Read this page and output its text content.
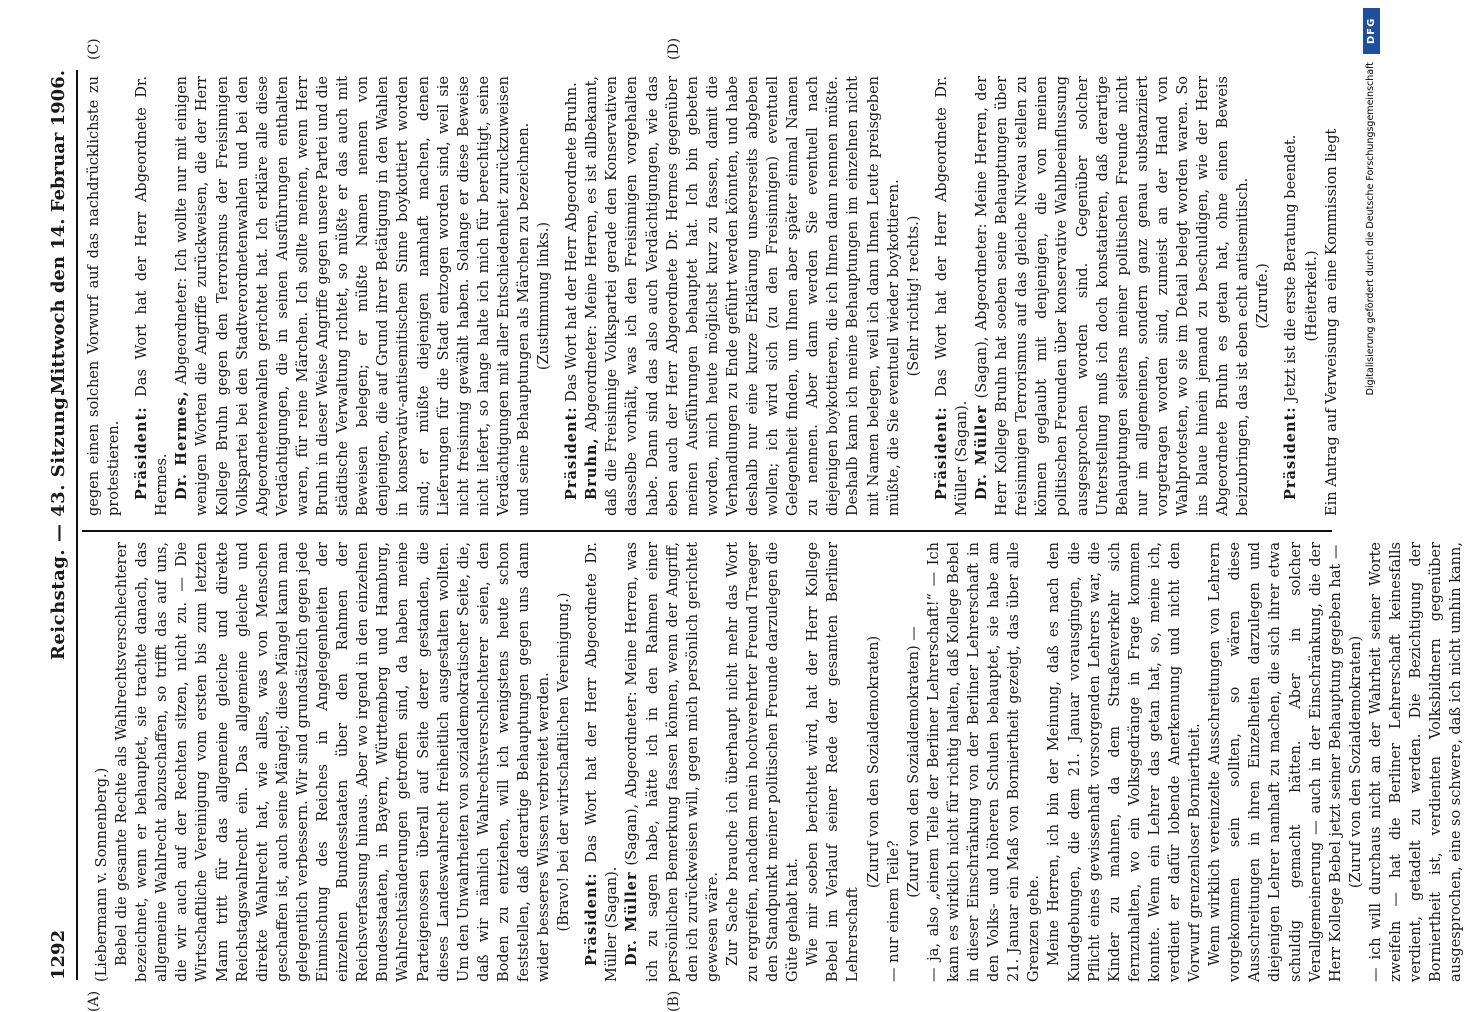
1292
Reichstag. — 43. Sitzung.
Mittwoch den 14. Februar 1906.
(A)	(B)
(C)	(D)

(Liebermann v. Sonnenberg.) Bebel die gesamte Rechte als Wahlrechtsverschlechterer bezeichnet, wenn er behauptet, sie trachte danach, das allgemeine Wahlrecht abzuschaffen, so trifft das auf uns, die wir auch auf der Rechten sitzen, nicht zu. — Die Wirtschaftliche Vereinigung vom ersten bis zum letzten Mann tritt für das allgemeine gleiche und direkte Reichstagswahlrecht ein. Das allgemeine gleiche und direkte Wahlrecht hat, wie alles, was von Menschen geschaffen ist, auch seine Mängel; diese Mängel kann man gelegentlich verbessern. Wir sind grundsätzlich gegen jede Einmischung des Reiches in Angelegenheiten der einzelnen Bundesstaaten über den Rahmen der Reichsverfassung hinaus. Aber wo irgend in den einzelnen Bundesstaaten, in Bayern, Württemberg und Hamburg, Wahlrechtsänderungen getroffen sind, da haben meine Parteigenossen überall auf Seite derer gestanden, die dieses Landeswahlrecht freiheitlich ausgestalten wollten. Um den Unwahrheiten von sozialdemokratischer Seite, die, daß wir nämlich Wahlrechtsverschlechterer seien, den Boden zu entziehen, will ich wenigstens heute schon feststellen, daß derartige Behauptungen gegen uns dann wider besseres Wissen verbreitet werden. (Bravo! bei der wirtschaftlichen Vereinigung.) Präsident: Das Wort hat der Herr Abgeordnete Dr. Müller (Sagan). Dr. Müller (Sagan), Abgeordneter: Meine Herren, was ich zu sagen habe, hätte ich in den Rahmen einer persönlichen Bemerkung fassen können, wenn der Angriff, den ich zurückweisen will, gegen mich persönlich gerichtet gewesen wäre. Zur Sache brauche ich überhaupt nicht mehr das Wort zu ergreifen, nachdem mein hochverehrter Freund Traeger den Standpunkt meiner politischen Freunde darzulegen die Güte gehabt hat. Wie mir soeben berichtet wird, hat der Herr Kollege Bebel im Verlauf seiner Rede der gesamten Berliner Lehrerschaft

(Zuruf von den Sozialdemokraten)

— nur einem Teile?

(Zuruf von den Sozialdemokraten) — — ja, also „einem Teile der Berliner Lehrerschaft!“ — Ich kann es wirklich nicht für richtig halten, daß Kollege Bebel in dieser Einschränkung von der Berliner Lehrerschaft in den Volks- und höheren Schulen behauptet, sie habe am 21. Januar ein Maß von Borniertheit gezeigt, das über alle Grenzen gehe. Meine Herren, ich bin der Meinung, daß es nach den Kundgebungen, die dem 21. Januar vorausgingen, die Pflicht eines gewissenhaft vorsorgenden Lehrers war, die Kinder zu mahnen, da dem Straßenverkehr sich fernzuhalten, wo ein Volksgedränge in Frage kommen konnte. Wenn ein Lehrer das getan hat, so, meine ich, verdient er dafür lobende Anerkennung und nicht den Vorwurf grenzenloser Borniertheit. Wenn wirklich vereinzelte Ausschreitungen von Lehrern vorgekommen sein sollten, so wären diese Ausschreitungen in ihren Einzelheiten darzulegen und diejenigen Lehrer namhaft zu machen, die sich ihrer etwa schuldig gemacht hätten. Aber in solcher Verallgemeinerung — auch in der Einschränkung, die der Herr Kollege Bebel jetzt seiner Behauptung gegeben hat — (Zuruf von den Sozialdemokraten) — ich will durchaus nicht an der Wahrheit seiner Worte zweifeln — hat die Berliner Lehrerschaft keinesfalls verdient, getadelt zu werden. Die Bezichtigung der Borniertheit ist, verdienten Volksbildnern gegenüber ausgesprochen, eine so schwere, daß ich nicht umhin kann,

gegen einen solchen Vorwurf auf das nachdrücklichste zu protestieren. Präsident: Das Wort hat der Herr Abgeordnete Dr. Hermes. Dr. Hermes, Abgeordneter: Ich wollte nur mit einigen wenigen Worten die Angriffe zurückweisen, die der Herr Kollege Bruhn gegen den Terrorismus der Freisinnigen Volkspartei bei den Stadtverordnetenwahlen und bei den Abgeordnetenwahlen gerichtet hat. Ich erkläre alle diese Verdächtigungen, die in seinen Ausführungen enthalten waren, für reine Märchen. Ich sollte meinen, wenn Herr Bruhn in dieser Weise Angriffe gegen unsere Partei und die städtische Verwaltung richtet, so müßte er das auch mit Beweisen belegen; er müßte Namen nennen von denjenigen, die auf Grund ihrer Betätigung in den Wahlen in konservativ-antisemitischem Sinne boykottiert worden sind; er müßte diejenigen namhaft machen, denen Lieferungen für die Stadt entzogen worden sind, weil sie nicht freisinnig gewählt haben. Solange er diese Beweise nicht liefert, so lange halte ich mich für berechtigt, seine Verdächtigungen mit aller Entschiedenheit zurückzuweisen und seine Behauptungen als Märchen zu bezeichnen. (Zustimmung links.)

Präsident: Das Wort hat der Herr Abgeordnete Bruhn.

Bruhn, Abgeordneter: Meine Herren, es ist allbekannt, daß die Freisinnige Volkspartei gerade den Konservativen dasselbe vorhält, was ich den Freisinnigen vorgehalten habe. Dann sind das also auch Verdächtigungen, wie das eben auch der Herr Abgeordnete Dr. Hermes gegenüber meinen Ausführungen behauptet hat. Ich bin gebeten worden, mich heute möglichst kurz zu fassen, damit die Verhandlungen zu Ende geführt werden könnten, und habe deshalb nur eine kurze Erklärung unsererseits abgeben wollen; ich wird sich (zu den Freisinnigen) eventuell Gelegenheit finden, um Ihnen aber später einmal Namen zu nennen. Aber dann werden Sie eventuell nach diejenigen boykottieren, die ich Ihnen dann nennen müßte. Deshalb kann ich meine Behauptungen im einzelnen nicht mit Namen belegen, weil ich dann Ihnen Leute preisgeben müßte, die Sie eventuell wieder boykottieren. (Sehr richtig! rechts.)

Präsident: Das Wort hat der Herr Abgeordnete Dr. Müller (Sagan). Dr. Müller (Sagan), Abgeordneter: Meine Herren, der Herr Kollege Bruhn hat soeben seine Behauptungen über freisinnigen Terrorismus auf das gleiche Niveau stellen zu können geglaubt mit denjenigen, die von meinen politischen Freunden über konservative Wahlbeeinflussung ausgesprochen worden sind. Gegenüber solcher Unterstellung muß ich doch konstatieren, daß derartige Behauptungen seitens meiner politischen Freunde nicht nur im allgemeinen, sondern ganz genau substanziiert vorgetragen worden sind, zumeist an der Hand von Wahlprotesten, wo sie im Detail belegt worden waren. So ins blaue hinein jemand zu beschuldigen, wie der Herr Abgeordnete Bruhn es getan hat, ohne einen Beweis beizubringen, das ist eben echt antisemitisch. (Zurufe.)

Präsident: Jetzt ist die erste Beratung beendet. (Heiterkeit.) Ein Antrag auf Verweisung an eine Kommission liegt

DFG
Digitalisierung gefördert durch die Deutsche Forschungsgemeinschaft
